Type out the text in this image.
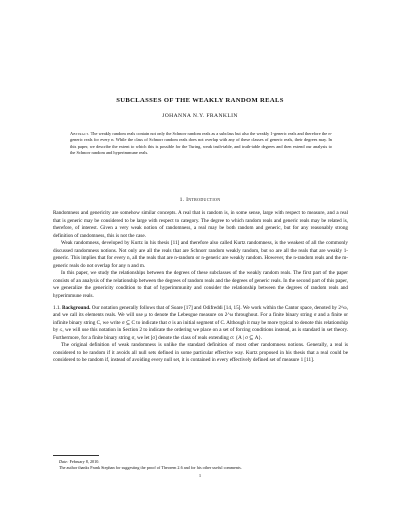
SUBCLASSES OF THE WEAKLY RANDOM REALS
JOHANNA N.Y. FRANKLIN
Abstract. The weakly random reals contain not only the Schnorr random reals as a subclass but also the weakly 1-generic reals and therefore the n-generic reals for every n. While the class of Schnorr random reals does not overlap with any of these classes of generic reals, their degrees may. In this paper, we describe the extent to which this is possible for the Turing, weak truth-table, and truth-table degrees and then extend our analysis to the Schnorr random and hyperimmune reals.
1. Introduction

Randomness and genericity are somehow similar concepts. A real that is random is, in some sense, large with respect to measure, and a real that is generic may be considered to be large with respect to category. The degree to which random reals and generic reals may be related is, therefore, of interest. Given a very weak notion of randomness, a real may be both random and generic, but for any reasonably strong definition of randomness, this is not the case.

Weak randomness, developed by Kurtz in his thesis [11] and therefore also called Kurtz randomness, is the weakest of all the commonly discussed randomness notions. Not only are all the reals that are Schnorr random weakly random, but so are all the reals that are weakly 1-generic. This implies that for every n, all the reals that are n-random or n-generic are weakly random. However, the n-random reals and the m-generic reals do not overlap for any n and m.

In this paper, we study the relationships between the degrees of these subclasses of the weakly random reals. The first part of the paper consists of an analysis of the relationship between the degrees of random reals and the degrees of generic reals. In the second part of this paper, we generalize the genericity condition to that of hyperimmunity and consider the relationship between the degrees of random reals and hyperimmune reals.

1.1. Background. Our notation generally follows that of Soare [17] and Odifreddi [14, 15]. We work within the Cantor space, denoted by 2^ω, and we call its elements reals. We will use μ to denote the Lebesgue measure on 2^ω throughout. For a finite binary string σ and a finite or infinite binary string C, we write σ ⊆ C to indicate that σ is an initial segment of C. Although it may be more typical to denote this relationship by ≤, we will use this notation in Section 2 to indicate the ordering we place on a set of forcing conditions instead, as is standard in set theory. Furthermore, for a finite binary string σ, we let [σ] denote the class of reals extending σ: {A | σ ⊆ A}.

The original definition of weak randomness is unlike the standard definition of most other randomness notions. Generally, a real is considered to be random if it avoids all null sets defined in some particular effective way. Kurtz proposed in his thesis that a real could be considered to be random if, instead of avoiding every null set, it is contained in every effectively defined set of measure 1 [11].

Date: February 8, 2010.
The author thanks Frank Stephan for suggesting the proof of Theorem 2.6 and for his other useful comments.
1
